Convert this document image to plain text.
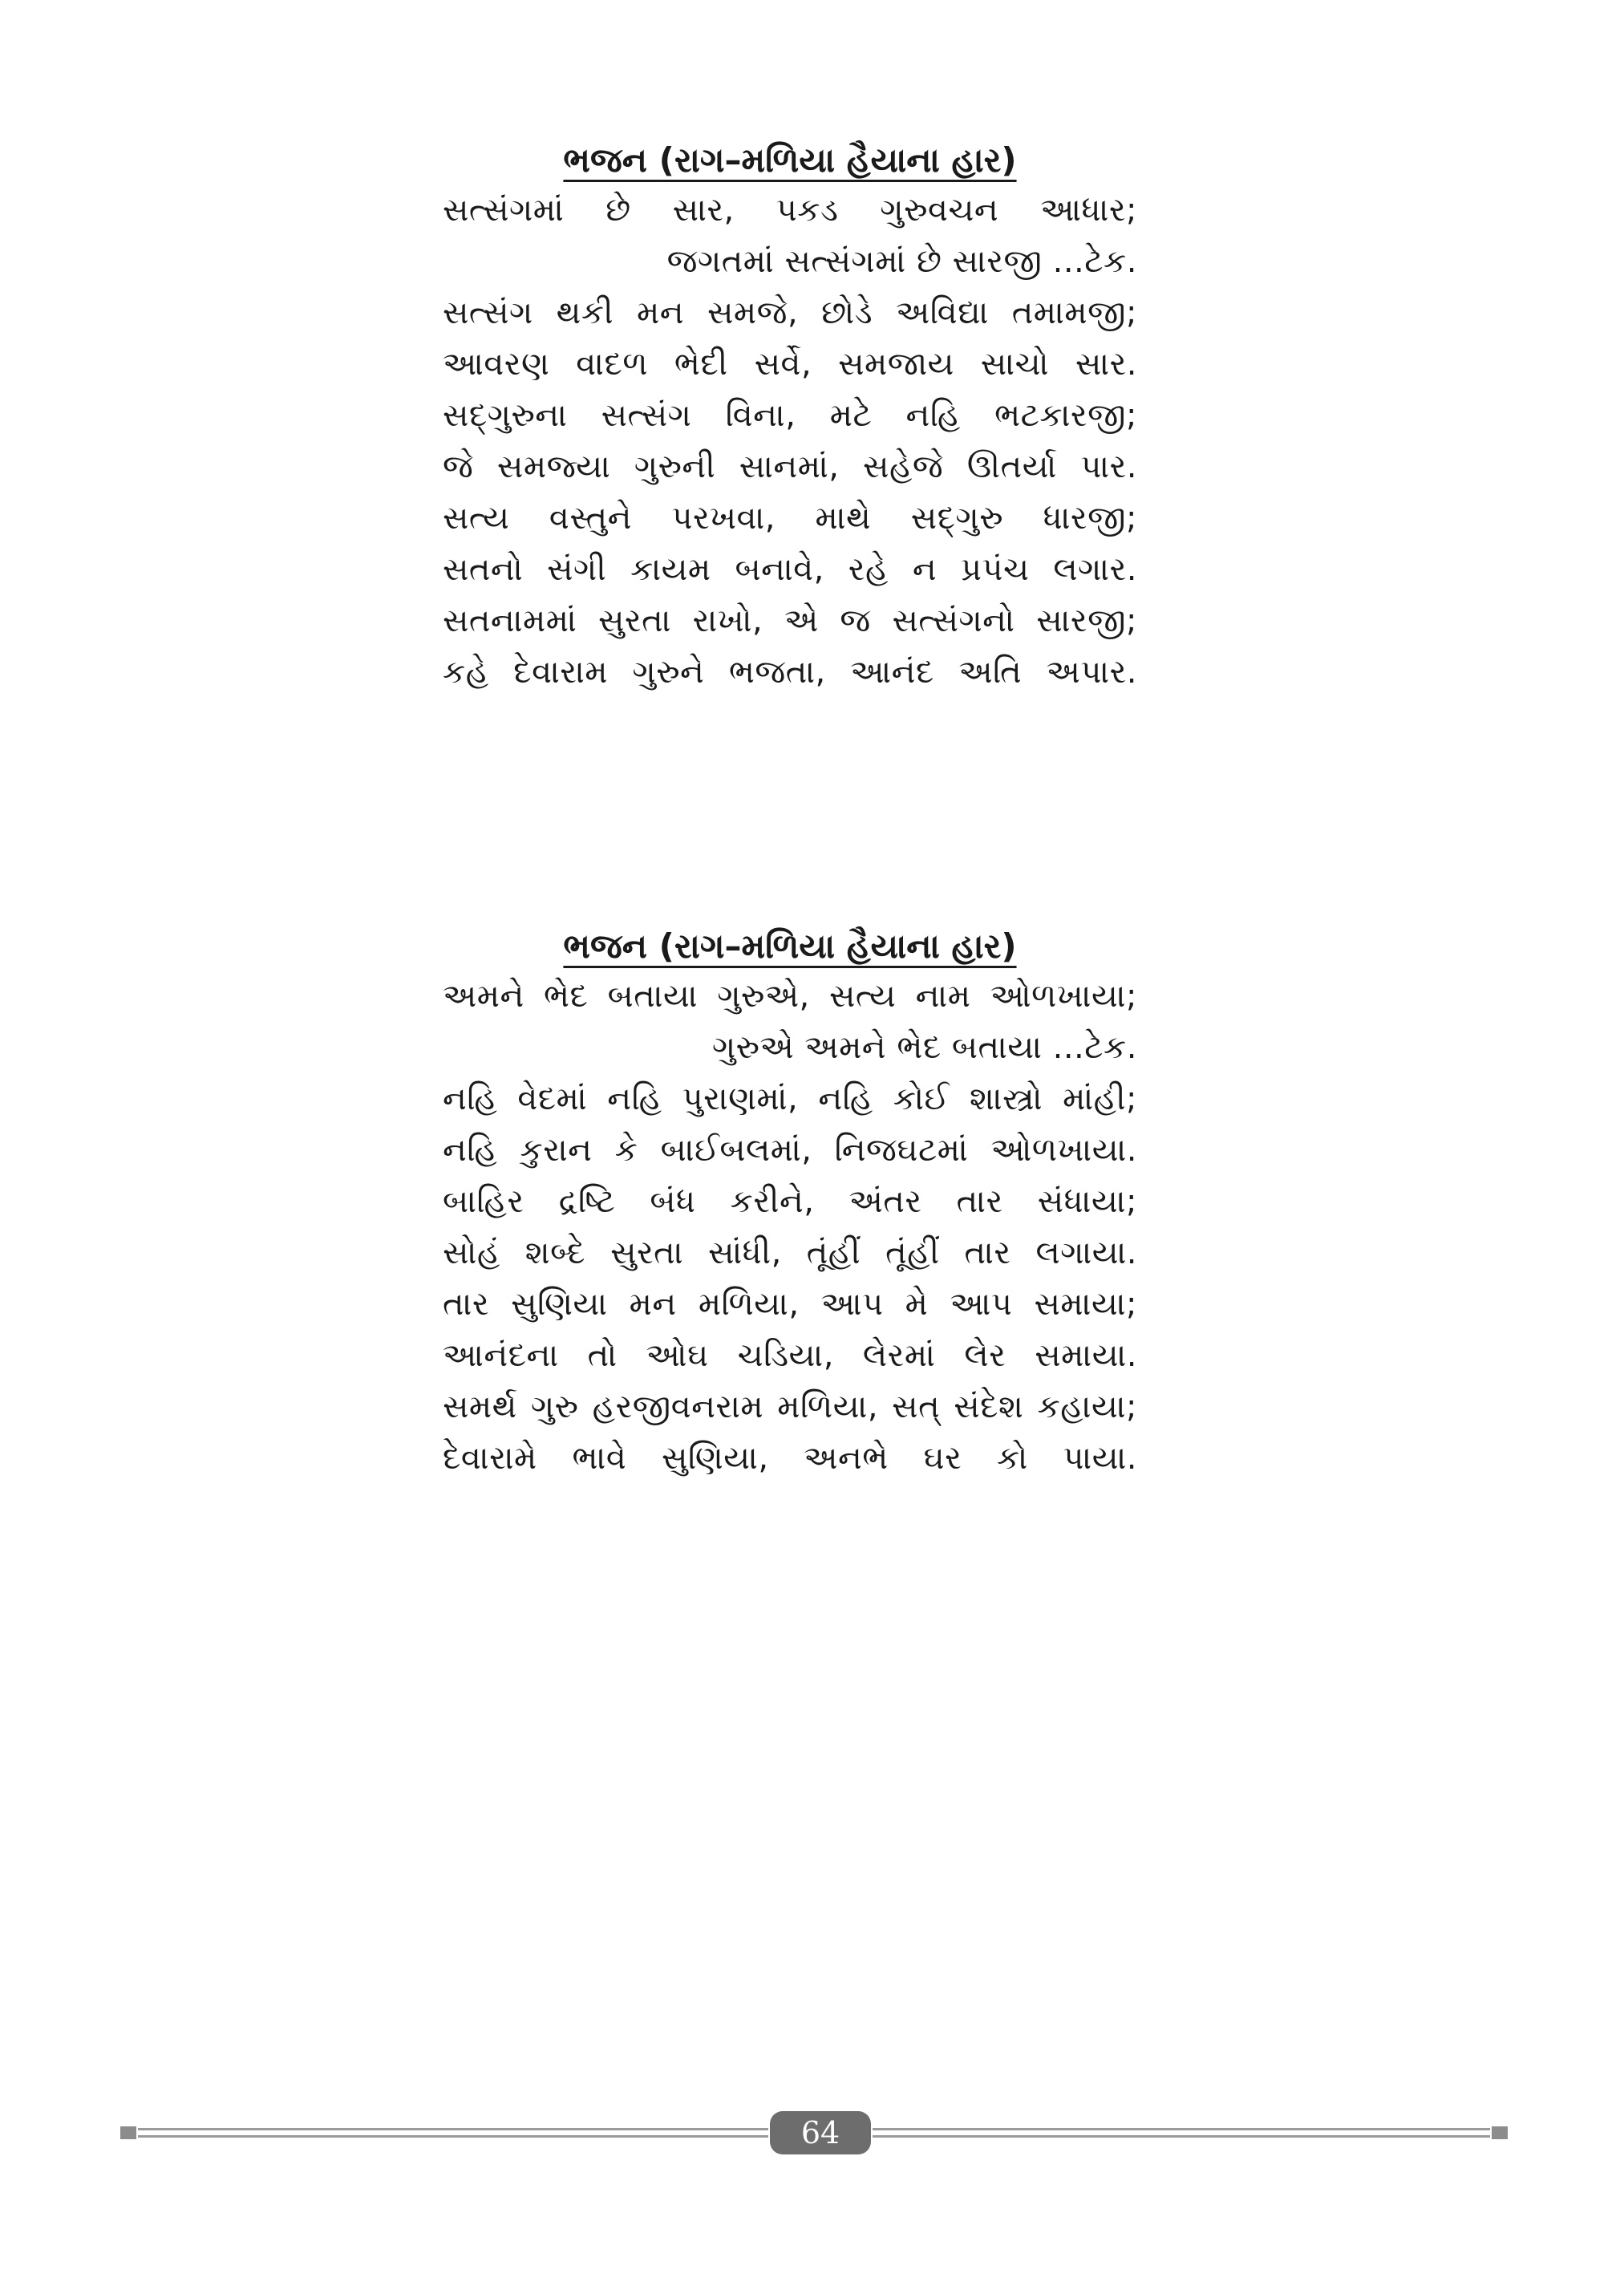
ભજન (રાગ–મળિયા હૈયાના હાર)
સત્સંગમાં છે સાર, પકડ ગુરુવચન આધાર;
જગતમાં સત્સંગમાં છે સારજી ...ટેક.
સત્સંગ થકી મન સમજે, છોડે અવિદ્યા તમામજી;
આવરણ વાદળ ભેદી સર્વે, સમજાય સાચો સાર.
સદ્‌ગુરુના સત્સંગ વિના, મટે નહિ ભટકારજી;
જે સમજ્યા ગુરુની સાનમાં, સહેજે ઊતર્યા પાર.
સત્ય વસ્તુને પરખવા, માથે સદ્‌ગુરુ ધારજી;
સતનો સંગી કાયમ બનાવે, રહે ન પ્રપંચ લગાર.
સતનામમાં સુરતા રાખો, એ જ સત્સંગનો સારજી;
કહે દેવારામ ગુરુને ભજતા, આનંદ અતિ અપાર.
ભજન (રાગ–મળિયા હૈયાના હાર)
અમને ભેદ બતાયા ગુરુએ, સત્ય નામ ઓળખાયા;
ગુરુએ અમને ભેદ બતાયા ...ટેક.
નહિ વેદમાં નહિ પુરાણમાં, નહિ કોઈ શાસ્ત્રો માંહી;
નહિ કુરાન કે બાઈબલમાં, નિજઘટમાં ઓળખાયા.
બાહિર દ્રષ્ટિ બંધ કરીને, અંતર તાર સંધાયા;
સોહં શબ્દે સુરતા સાંધી, તૂંહીં તૂંહીં તાર લગાયા.
તાર સુણિયા મન મળિયા, આપ મે આપ સમાયા;
આનંદના તો ઓઘ ચડિયા, લેરમાં લેર સમાયા.
સમર્થ ગુરુ હરજીવનરામ મળિયા, સત્ સંદેશ કહાયા;
દેવારામે ભાવે સુણિયા, અનભે ઘર કો પાયા.
64
